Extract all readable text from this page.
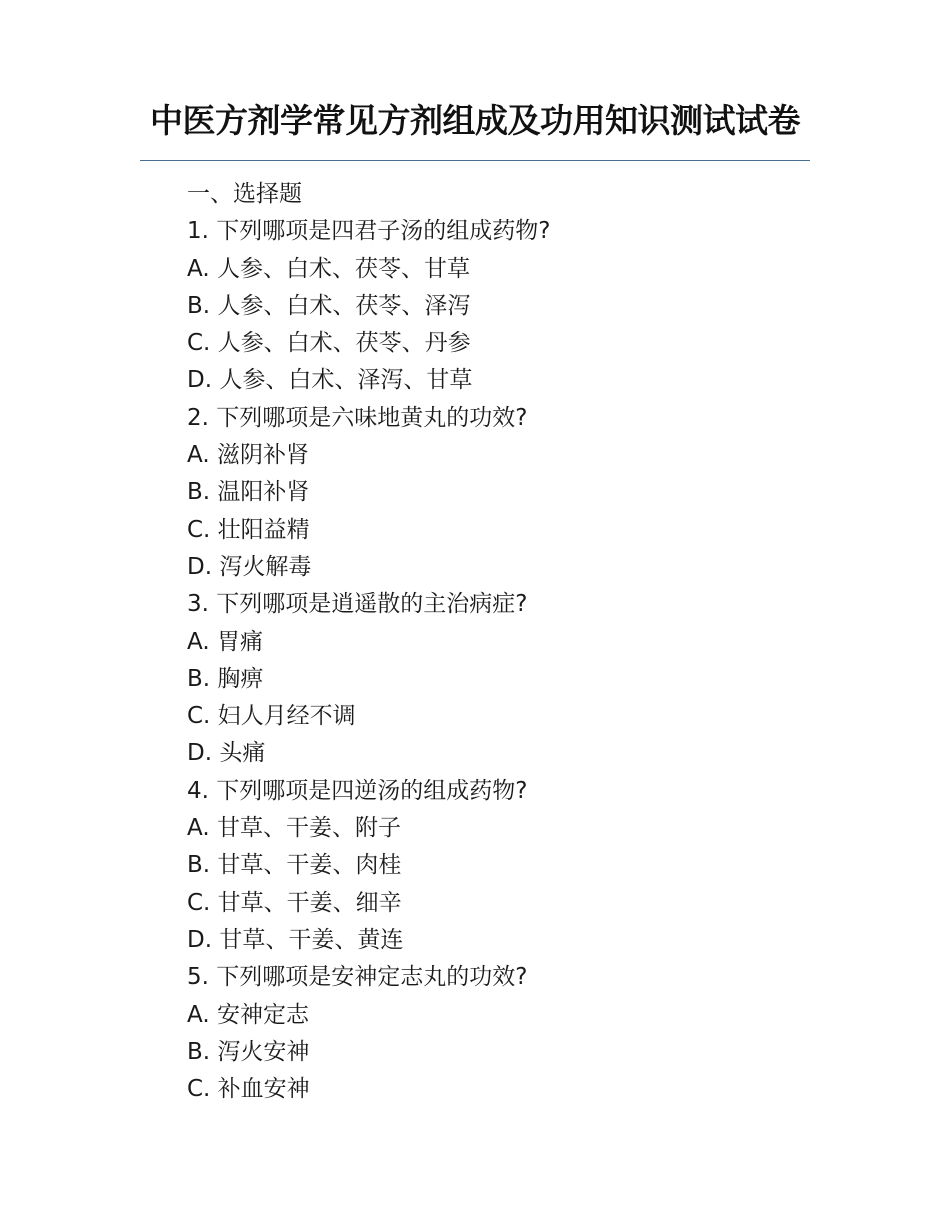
中医方剂学常见方剂组成及功用知识测试试卷
一、选择题
1. 下列哪项是四君子汤的组成药物?
A. 人参、白术、茯苓、甘草
B. 人参、白术、茯苓、泽泻
C. 人参、白术、茯苓、丹参
D. 人参、白术、泽泻、甘草
2. 下列哪项是六味地黄丸的功效?
A. 滋阴补肾
B. 温阳补肾
C. 壮阳益精
D. 泻火解毒
3. 下列哪项是逍遥散的主治病症?
A. 胃痛
B. 胸痹
C. 妇人月经不调
D. 头痛
4. 下列哪项是四逆汤的组成药物?
A. 甘草、干姜、附子
B. 甘草、干姜、肉桂
C. 甘草、干姜、细辛
D. 甘草、干姜、黄连
5. 下列哪项是安神定志丸的功效?
A. 安神定志
B. 泻火安神
C. 补血安神
